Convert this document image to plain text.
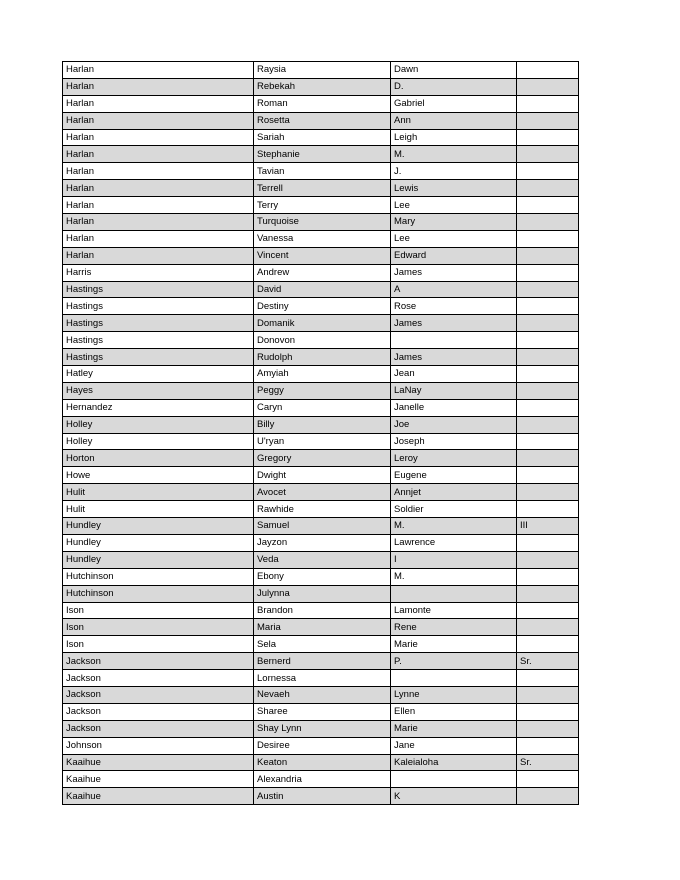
Harlan	Raysia	Dawn	
Harlan	Rebekah	D.	
Harlan	Roman	Gabriel	
Harlan	Rosetta	Ann	
Harlan	Sariah	Leigh	
Harlan	Stephanie	M.	
Harlan	Tavian	J.	
Harlan	Terrell	Lewis	
Harlan	Terry	Lee	
Harlan	Turquoise	Mary	
Harlan	Vanessa	Lee	
Harlan	Vincent	Edward	
Harris	Andrew	James	
Hastings	David	A	
Hastings	Destiny	Rose	
Hastings	Domanik	James	
Hastings	Donovon		
Hastings	Rudolph	James	
Hatley	Amyiah	Jean	
Hayes	Peggy	LaNay	
Hernandez	Caryn	Janelle	
Holley	Billy	Joe	
Holley	U'ryan	Joseph	
Horton	Gregory	Leroy	
Howe	Dwight	Eugene	
Hulit	Avocet	Annjet	
Hulit	Rawhide	Soldier	
Hundley	Samuel	M.	III
Hundley	Jayzon	Lawrence	
Hundley	Veda	I	
Hutchinson	Ebony	M.	
Hutchinson	Julynna		
Ison	Brandon	Lamonte	
Ison	Maria	Rene	
Ison	Sela	Marie	
Jackson	Bernerd	P.	Sr.
Jackson	Lornessa		
Jackson	Nevaeh	Lynne	
Jackson	Sharee	Ellen	
Jackson	Shay Lynn	Marie	
Johnson	Desiree	Jane	
Kaaihue	Keaton	Kaleialoha	Sr.
Kaaihue	Alexandria		
Kaaihue	Austin	K	
